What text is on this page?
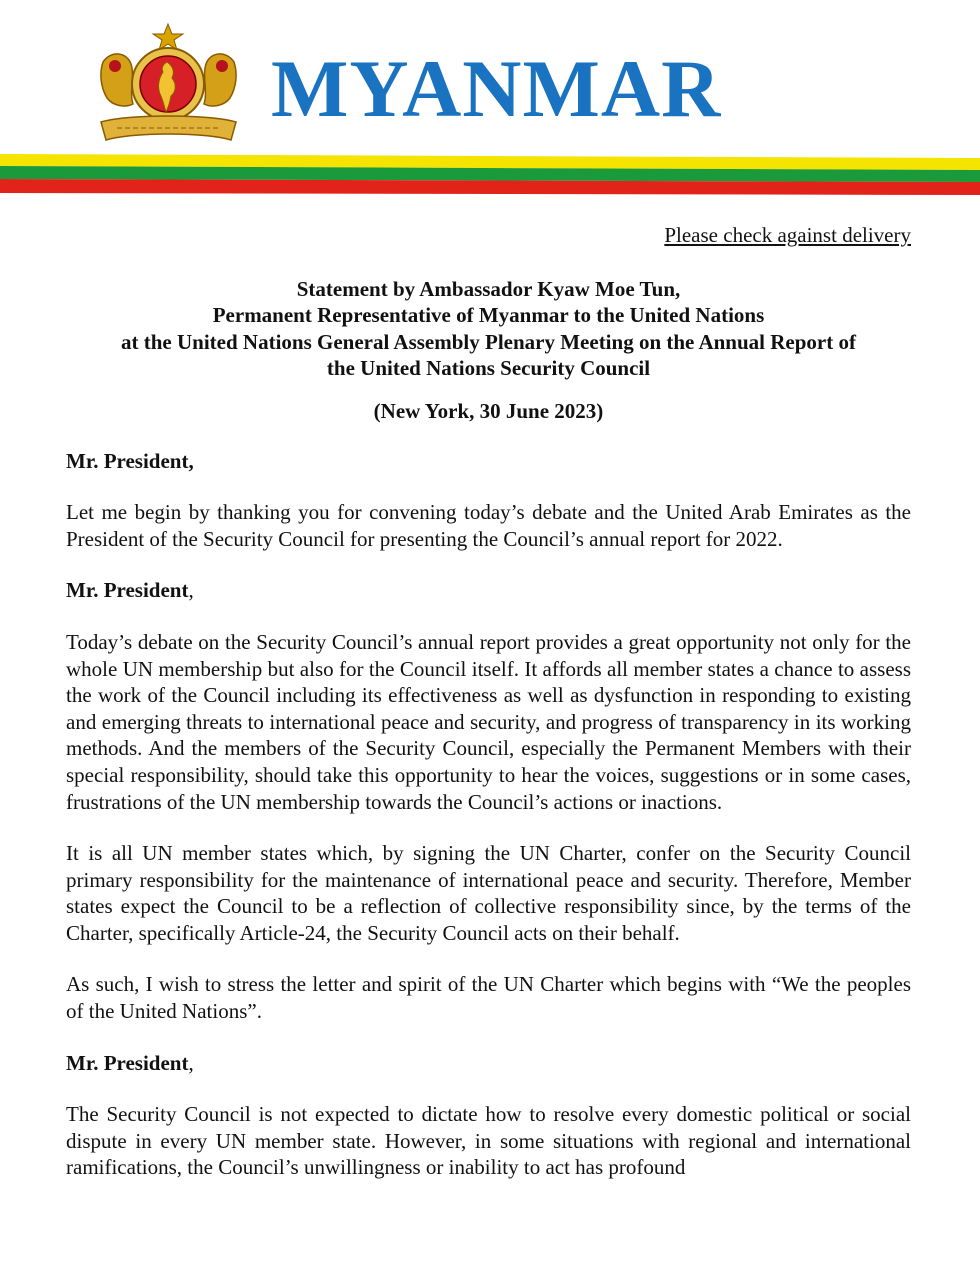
MYANMAR
Please check against delivery
Statement by Ambassador Kyaw Moe Tun,
Permanent Representative of Myanmar to the United Nations
at the United Nations General Assembly Plenary Meeting on the Annual Report of
the United Nations Security Council
(New York, 30 June 2023)
Mr. President,
Let me begin by thanking you for convening today’s debate and the United Arab Emirates as the President of the Security Council for presenting the Council’s annual report for 2022.
Mr. President,
Today’s debate on the Security Council’s annual report provides a great opportunity not only for the whole UN membership but also for the Council itself. It affords all member states a chance to assess the work of the Council including its effectiveness as well as dysfunction in responding to existing and emerging threats to international peace and security, and progress of transparency in its working methods. And the members of the Security Council, especially the Permanent Members with their special responsibility, should take this opportunity to hear the voices, suggestions or in some cases, frustrations of the UN membership towards the Council’s actions or inactions.
It is all UN member states which, by signing the UN Charter, confer on the Security Council primary responsibility for the maintenance of international peace and security. Therefore, Member states expect the Council to be a reflection of collective responsibility since, by the terms of the Charter, specifically Article-24, the Security Council acts on their behalf.
As such, I wish to stress the letter and spirit of the UN Charter which begins with “We the peoples of the United Nations”.
Mr. President,
The Security Council is not expected to dictate how to resolve every domestic political or social dispute in every UN member state. However, in some situations with regional and international ramifications, the Council’s unwillingness or inability to act has profound
